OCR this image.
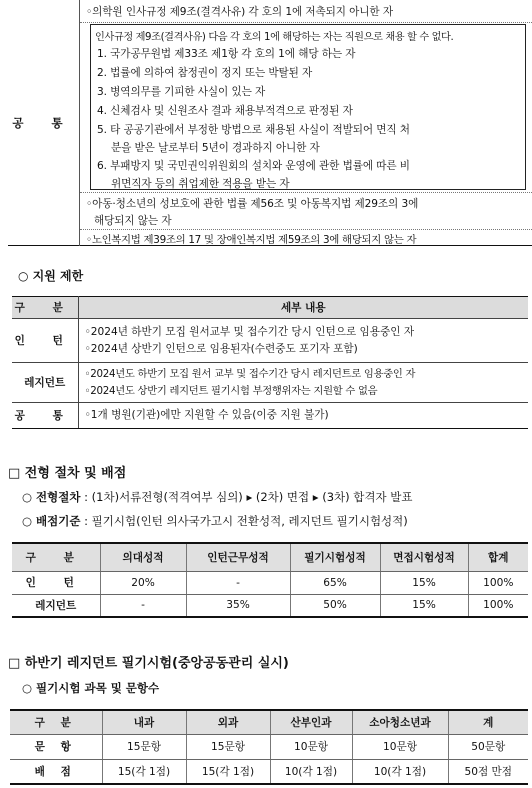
공 통
◦의학원 인사규정 제9조(결격사유) 각 호의 1에 저촉되지 아니한 자
인사규정 제9조(결격사유) 다음 각 호의 1에 해당하는 자는 직원으로 채용 할 수 없다.
1. 국가공무원법 제33조 제1항 각 호의 1에 해당 하는 자
2. 법률에 의하여 참정권이 정지 또는 박탈된 자
3. 병역의무를 기피한 사실이 있는 자
4. 신체검사 및 신원조사 결과 채용부적격으로 판정된 자
5. 타 공공기관에서 부정한 방법으로 채용된 사실이 적발되어 면직 처
분을 받은 날로부터 5년이 경과하지 아니한 자
6. 부패방지 및 국민권익위원회의 설치와 운영에 관한 법률에 따른 비
위면직자 등의 취업제한 적용을 받는 자
◦아동·청소년의 성보호에 관한 법률 제56조 및 아동복지법 제29조의 3에
해당되지 않는 자
◦노인복지법 제39조의 17 및 장애인복지법 제59조의 3에 해당되지 않는 자
○ 지원 제한
구 분	세부 내용
인 턴	◦2024년 하반기 모집 원서교부 및 접수기간 당시 인턴으로 임용중인 자
◦2024년 상반기 인턴으로 임용된자(수련중도 포기자 포함)

레지던트	◦2024년도 하반기 모집 원서 교부 및 접수기간 당시 레지던트로 임용중인 자
◦2024년도 상반기 레지던트 필기시험 부정행위자는 지원할 수 없음

공 통	◦1개 병원(기관)에만 지원할 수 있음(이중 지원 불가)
□ 전형 절차 및 배점
○ 전형절차 : (1차)서류전형(적격여부 심의) ▸ (2차) 면접 ▸ (3차) 합격자 발표
○ 배점기준 : 필기시험(인턴 의사국가고시 전환성적, 레지던트 필기시험성적)
구 분	의대성적	인턴근무성적	필기시험성적	면접시험성적	합계
인 턴	20%	-	65%	15%	100%
레지던트	-	35%	50%	15%	100%
□ 하반기 레지던트 필기시험(중앙공동관리 실시)
○ 필기시험 과목 및 문항수
구 분	내과	외과	산부인과	소아청소년과	계
문 항	15문항	15문항	10문항	10문항	50문항
배 점	15(각 1점)	15(각 1점)	10(각 1점)	10(각 1점)	50점 만점
